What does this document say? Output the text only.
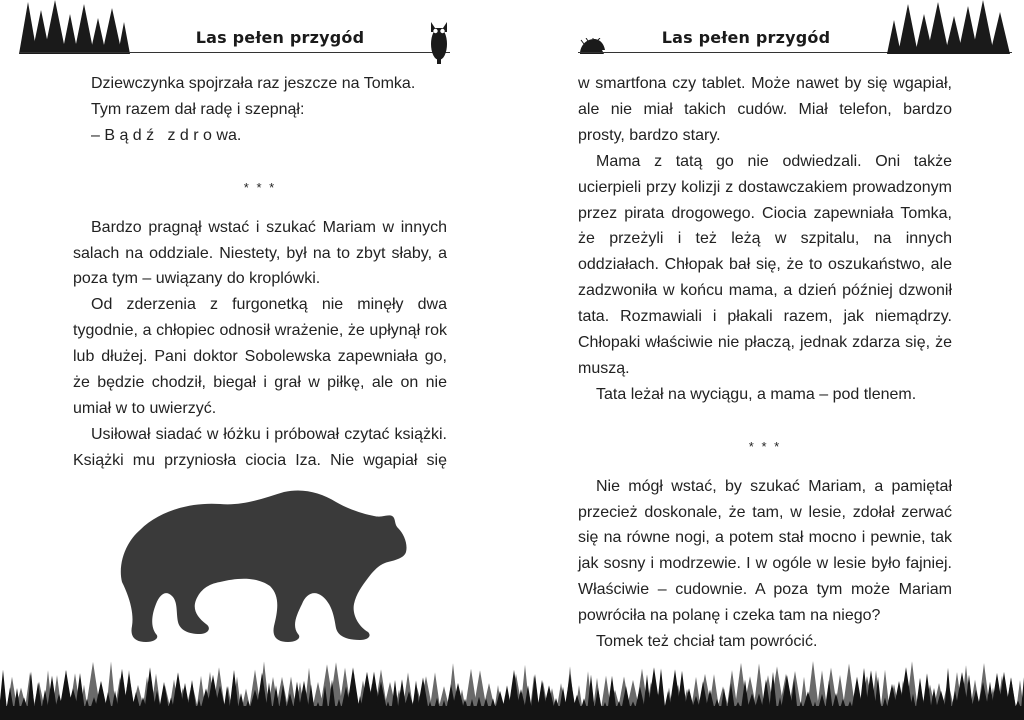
Las pełen przygód

Dziewczynka spojrzała raz jeszcze na Tomka.

Tym razem dał radę i szepnął:

– B ą d ź   z d r o wa.

* * *

Bardzo pragnął wstać i szukać Mariam w innych salach na oddziale. Niestety, był na to zbyt słaby, a poza tym – uwiązany do kroplówki.

Od zderzenia z furgonetką nie minęły dwa tygodnie, a chłopiec odnosił wrażenie, że upłynął rok lub dłużej. Pani doktor Sobolewska zapewniała go, że będzie chodził, biegał i grał w piłkę, ale on nie umiał w to uwierzyć.

Usiłował siadać w łóżku i próbował czytać książki. Książki mu przyniosła ciocia Iza. Nie wgapiał się

Las pełen przygód

w smartfona czy tablet. Może nawet by się wgapiał, ale nie miał takich cudów. Miał telefon, bardzo prosty, bardzo stary.

Mama z tatą go nie odwiedzali. Oni także ucierpieli przy kolizji z dostawczakiem prowadzonym przez pirata drogowego. Ciocia zapewniała Tomka, że przeżyli i też leżą w szpitalu, na innych oddziałach. Chłopak bał się, że to oszukaństwo, ale zadzwoniła w końcu mama, a dzień później dzwonił tata. Rozmawiali i płakali razem, jak niemądrzy. Chłopaki właściwie nie płaczą, jednak zdarza się, że muszą.

Tata leżał na wyciągu, a mama – pod tlenem.

* * *

Nie mógł wstać, by szukać Mariam, a pamiętał przecież doskonale, że tam, w lesie, zdołał zerwać się na równe nogi, a potem stał mocno i pewnie, tak jak sosny i modrzewie. I w ogóle w lesie było fajniej. Właściwie – cudownie. A poza tym może Mariam powróciła na polanę i czeka tam na niego?

Tomek też chciał tam powrócić.
